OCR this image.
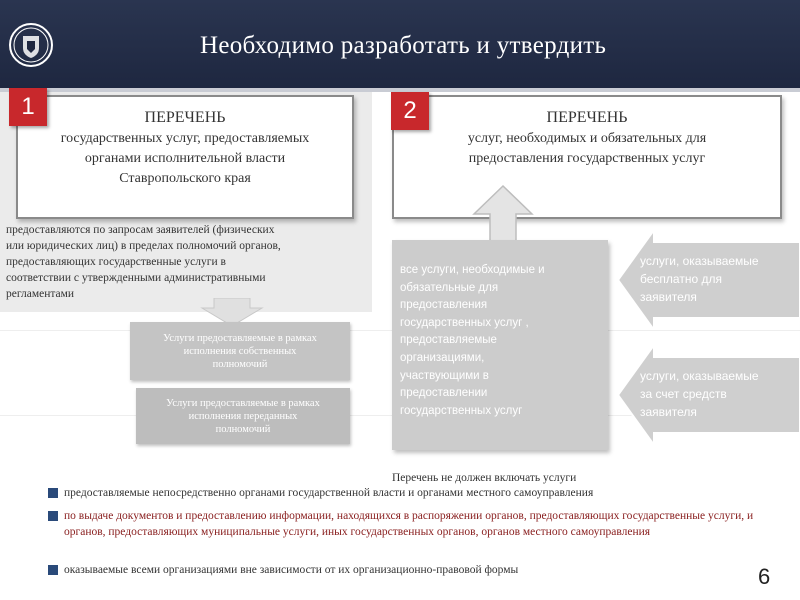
Необходимо разработать и утвердить
ПЕРЕЧЕНЬ
государственных услуг, предоставляемых
органами исполнительной власти
Ставропольского края
1
предоставляются по запросам заявителей (физических
или юридических лиц) в пределах полномочий органов,
предоставляющих государственные услуги в
соответствии с утвержденными административными
регламентами
Услуги предоставляемые в рамках
исполнения собственных
полномочий
Услуги предоставляемые в рамках
исполнения переданных
полномочий
ПЕРЕЧЕНЬ
услуг, необходимых и обязательных для
предоставления государственных услуг
2
все услуги, необходимые и
обязательные для
предоставления
государственных услуг ,
предоставляемые
организациями,
участвующими в
предоставлении
государственных услуг
услуги, оказываемые
бесплатно для
заявителя
услуги, оказываемые
за счет средств
заявителя
Перечень не должен включать услуги
предоставляемые непосредственно органами государственной власти и органами местного самоуправления
по выдаче документов и предоставлению информации, находящихся в распоряжении органов, предоставляющих государственные услуги, и органов, предоставляющих муниципальные услуги, иных государственных органов, органов местного самоуправления
оказываемые всеми организациями вне зависимости от их организационно-правовой формы	6
